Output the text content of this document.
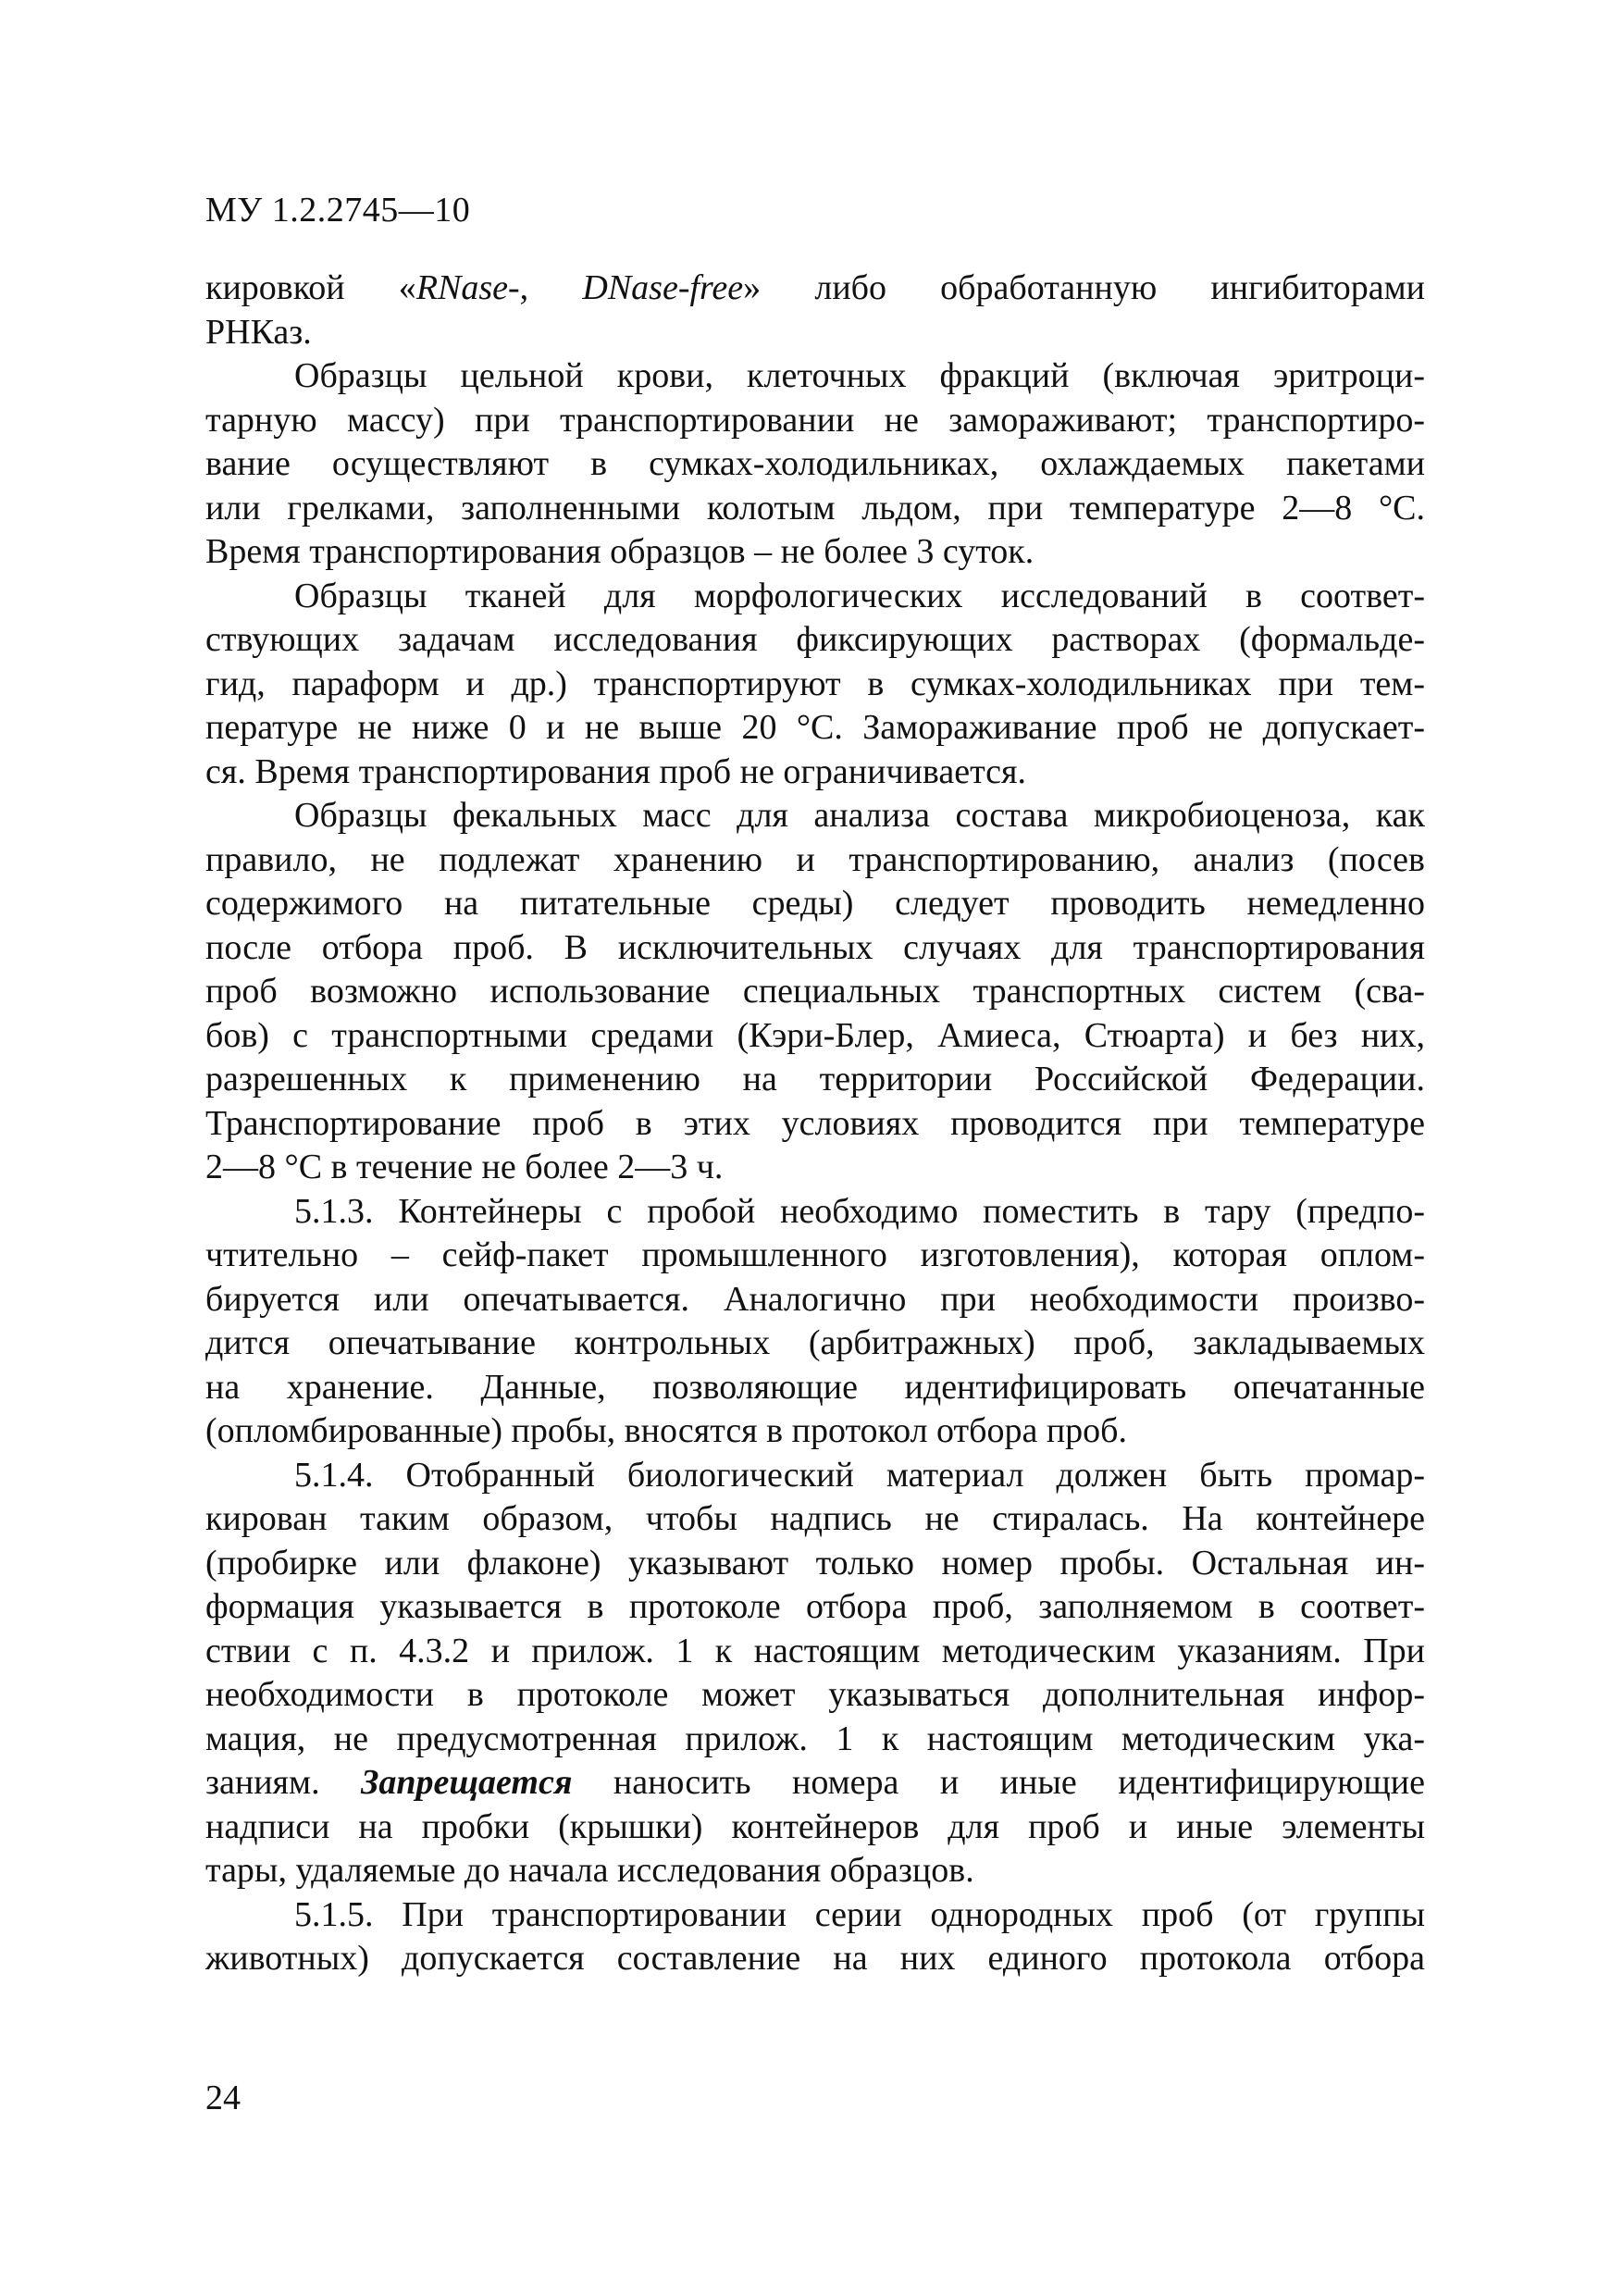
МУ 1.2.2745—10
кировкой «RNase-, DNase-free» либо обработанную ингибиторами
РНКаз.
Образцы цельной крови, клеточных фракций (включая эритроци-
тарную массу) при транспортировании не замораживают; транспортиро-
вание осуществляют в сумках-холодильниках, охлаждаемых пакетами
или грелками, заполненными колотым льдом, при температуре 2—8 °С.
Время транспортирования образцов – не более 3 суток.
Образцы тканей для морфологических исследований в соответ-
ствующих задачам исследования фиксирующих растворах (формальде-
гид, параформ и др.) транспортируют в сумках-холодильниках при тем-
пературе не ниже 0 и не выше 20 °С. Замораживание проб не допускает-
ся. Время транспортирования проб не ограничивается.
Образцы фекальных масс для анализа состава микробиоценоза, как
правило, не подлежат хранению и транспортированию, анализ (посев
содержимого на питательные среды) следует проводить немедленно
после отбора проб. В исключительных случаях для транспортирования
проб возможно использование специальных транспортных систем (сва-
бов) с транспортными средами (Кэри-Блер, Амиеса, Стюарта) и без них,
разрешенных к применению на территории Российской Федерации.
Транспортирование проб в этих условиях проводится при температуре
2—8 °С в течение не более 2—3 ч.
5.1.3. Контейнеры с пробой необходимо поместить в тару (предпо-
чтительно – сейф-пакет промышленного изготовления), которая оплом-
бируется или опечатывается. Аналогично при необходимости произво-
дится опечатывание контрольных (арбитражных) проб, закладываемых
на хранение. Данные, позволяющие идентифицировать опечатанные
(опломбированные) пробы, вносятся в протокол отбора проб.
5.1.4. Отобранный биологический материал должен быть промар-
кирован таким образом, чтобы надпись не стиралась. На контейнере
(пробирке или флаконе) указывают только номер пробы. Остальная ин-
формация указывается в протоколе отбора проб, заполняемом в соответ-
ствии с п. 4.3.2 и прилож. 1 к настоящим методическим указаниям. При
необходимости в протоколе может указываться дополнительная инфор-
мация, не предусмотренная прилож. 1 к настоящим методическим ука-
заниям. Запрещается наносить номера и иные идентифицирующие
надписи на пробки (крышки) контейнеров для проб и иные элементы
тары, удаляемые до начала исследования образцов.
5.1.5. При транспортировании серии однородных проб (от группы
животных) допускается составление на них единого протокола отбора
24
